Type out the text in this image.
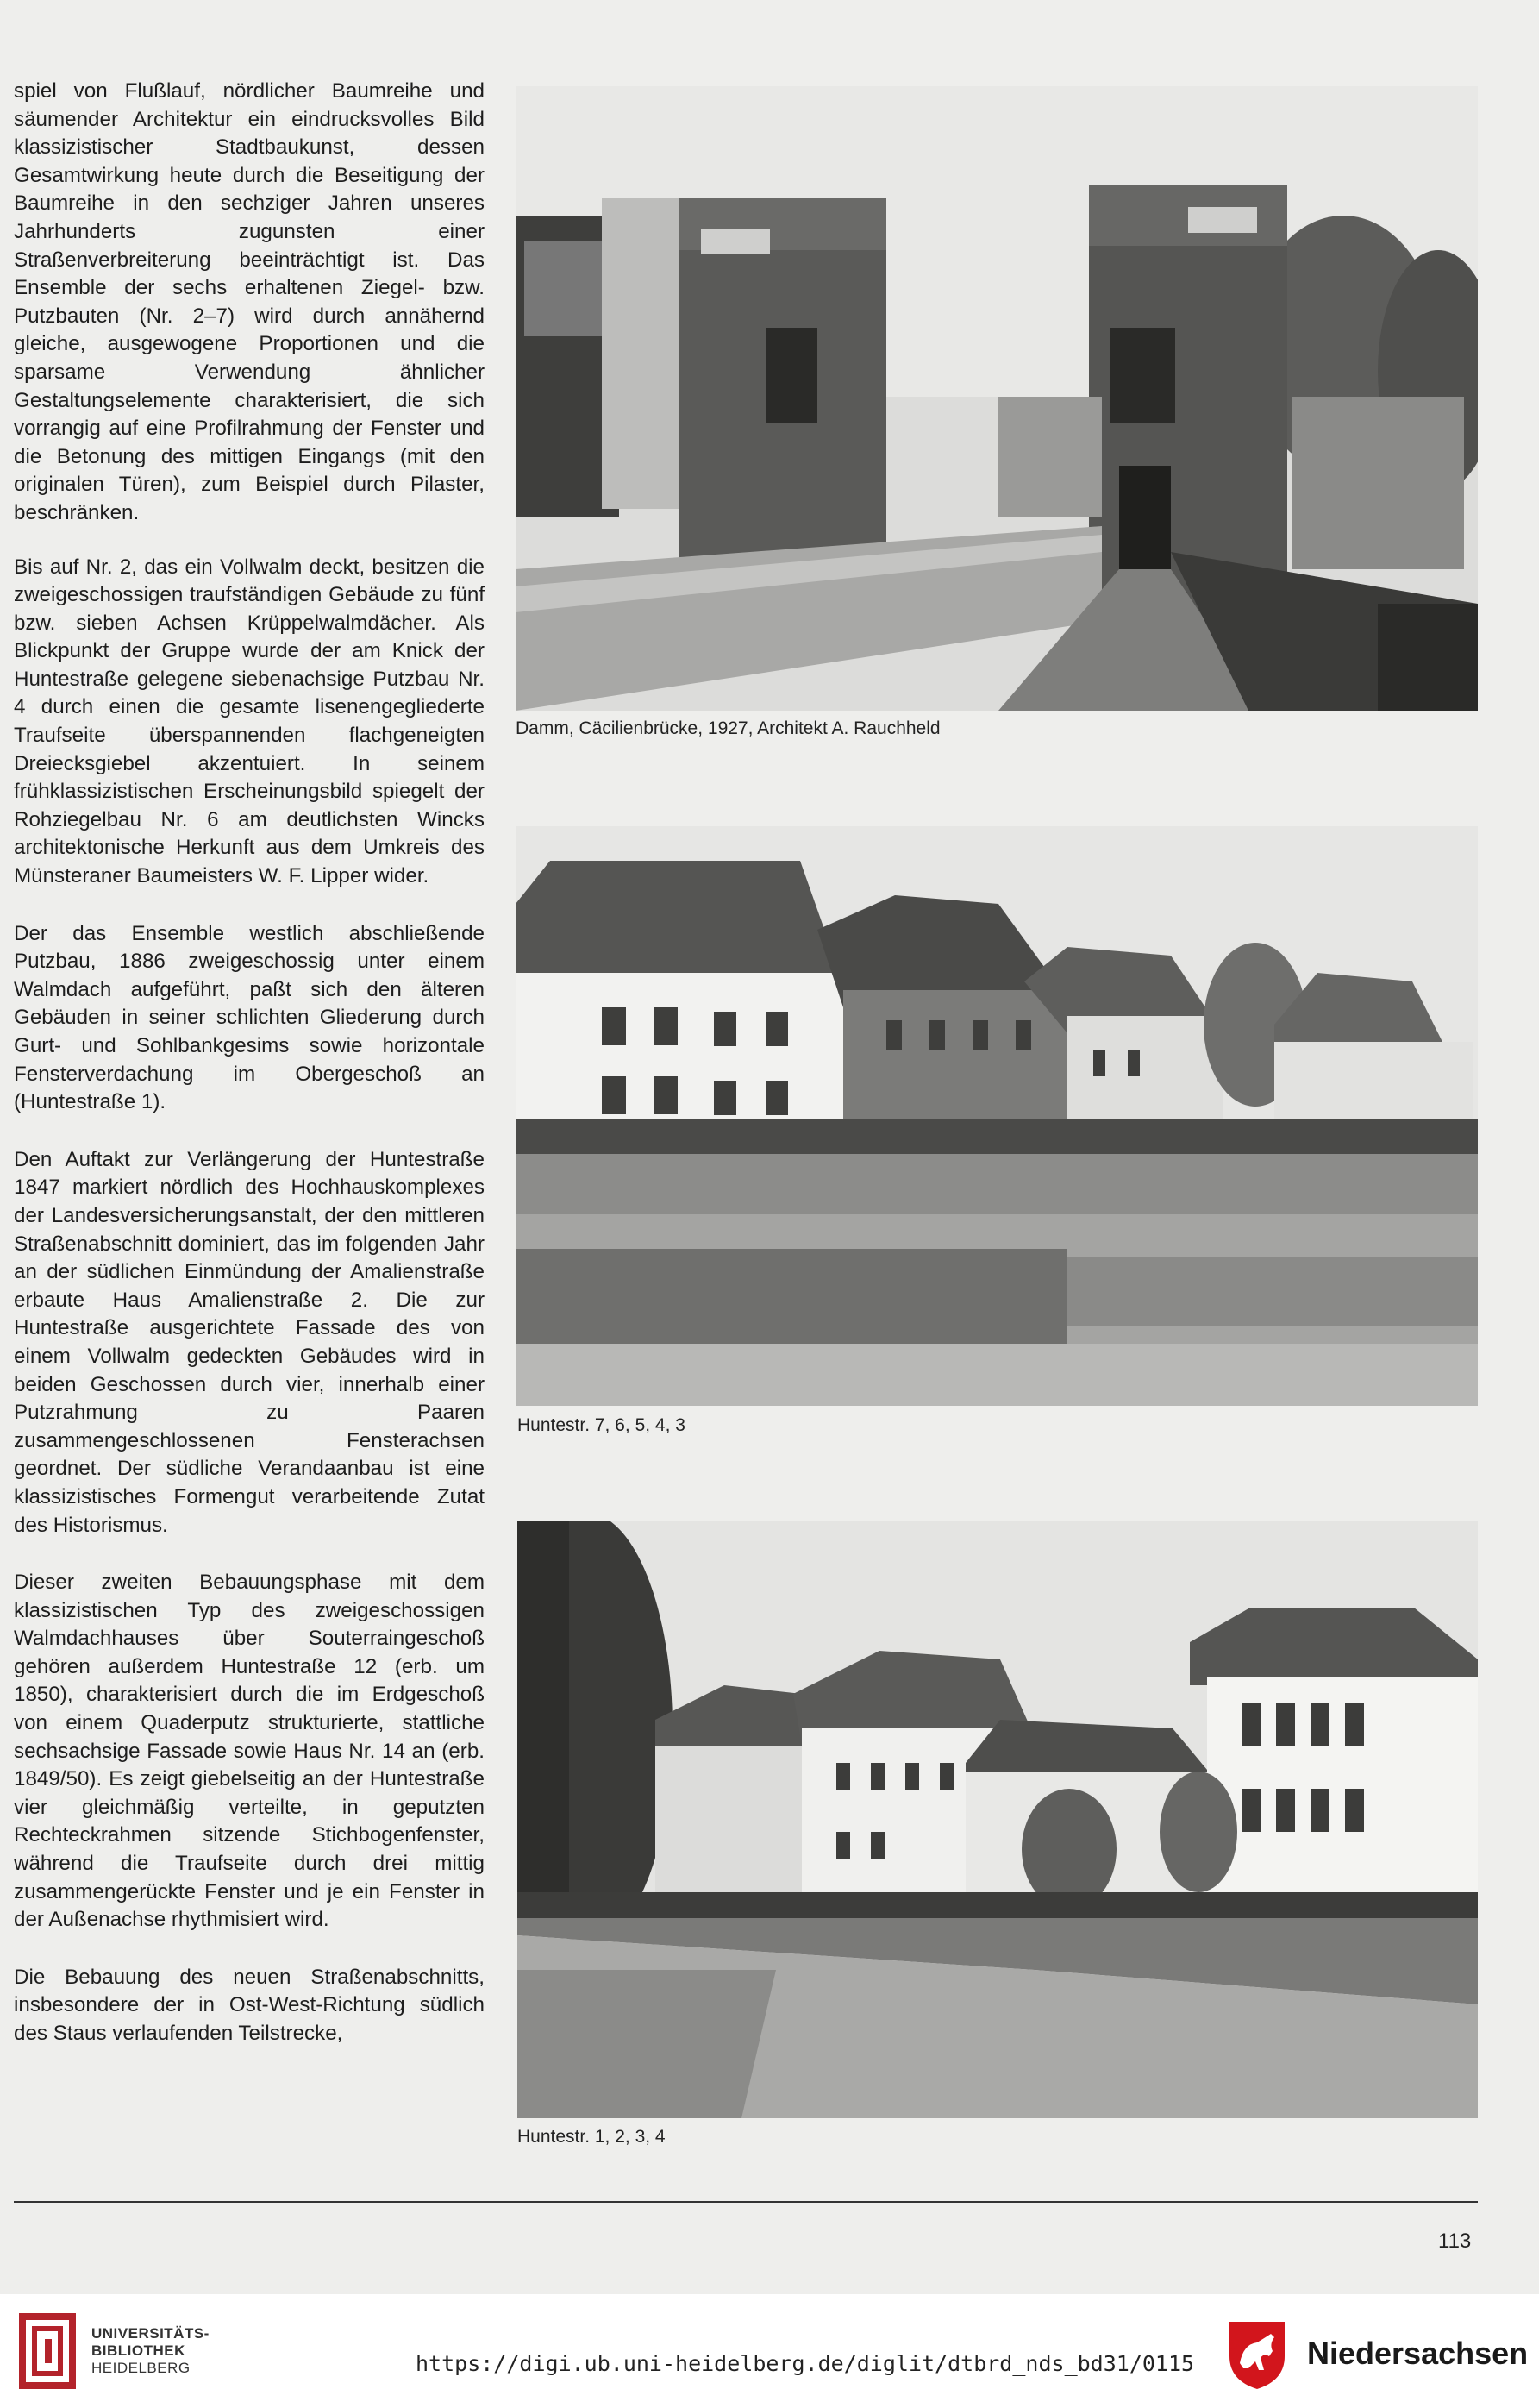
spiel von Flußlauf, nördlicher Baumreihe und säumender Architektur ein eindrucksvolles Bild klassizistischer Stadtbaukunst, dessen Gesamtwirkung heute durch die Beseitigung der Baumreihe in den sechziger Jahren unseres Jahrhunderts zugunsten einer Straßenverbreiterung beeinträchtigt ist. Das Ensemble der sechs erhaltenen Ziegel- bzw. Putzbauten (Nr. 2–7) wird durch annähernd gleiche, ausgewogene Proportionen und die sparsame Verwendung ähnlicher Gestaltungselemente charakterisiert, die sich vorrangig auf eine Profilrahmung der Fenster und die Betonung des mittigen Eingangs (mit den originalen Türen), zum Beispiel durch Pilaster, beschränken.

Bis auf Nr. 2, das ein Vollwalm deckt, besitzen die zweigeschossigen traufständigen Gebäude zu fünf bzw. sieben Achsen Krüppelwalmdächer. Als Blickpunkt der Gruppe wurde der am Knick der Huntestraße gelegene siebenachsige Putzbau Nr. 4 durch einen die gesamte lisenengegliederte Traufseite überspannenden flachgeneigten Dreiecksgiebel akzentuiert. In seinem frühklassizistischen Erscheinungsbild spiegelt der Rohziegelbau Nr. 6 am deutlichsten Wincks architektonische Herkunft aus dem Umkreis des Münsteraner Baumeisters W. F. Lipper wider.

Der das Ensemble westlich abschließende Putzbau, 1886 zweigeschossig unter einem Walmdach aufgeführt, paßt sich den älteren Gebäuden in seiner schlichten Gliederung durch Gurt- und Sohlbankgesims sowie horizontale Fensterverdachung im Obergeschoß an (Huntestraße 1).

Den Auftakt zur Verlängerung der Huntestraße 1847 markiert nördlich des Hochhauskomplexes der Landesversicherungsanstalt, der den mittleren Straßenabschnitt dominiert, das im folgenden Jahr an der südlichen Einmündung der Amalienstraße erbaute Haus Amalienstraße 2. Die zur Huntestraße ausgerichtete Fassade des von einem Vollwalm gedeckten Gebäudes wird in beiden Geschossen durch vier, innerhalb einer Putzrahmung zu Paaren zusammengeschlossenen Fensterachsen geordnet. Der südliche Verandaanbau ist eine klassizistisches Formengut verarbeitende Zutat des Historismus.

Dieser zweiten Bebauungsphase mit dem klassizistischen Typ des zweigeschossigen Walmdachhauses über Souterraingeschoß gehören außerdem Huntestraße 12 (erb. um 1850), charakterisiert durch die im Erdgeschoß von einem Quaderputz strukturierte, stattliche sechsachsige Fassade sowie Haus Nr. 14 an (erb. 1849/50). Es zeigt giebelseitig an der Huntestraße vier gleichmäßig verteilte, in geputzten Rechteckrahmen sitzende Stichbogenfenster, während die Traufseite durch drei mittig zusammengerückte Fenster und je ein Fenster in der Außenachse rhythmisiert wird.

Die Bebauung des neuen Straßenabschnitts, insbesondere der in Ost-West-Richtung südlich des Staus verlaufenden Teilstrecke,

Damm, Cäcilienbrücke, 1927, Architekt A. Rauchheld
Huntestr. 7, 6, 5, 4, 3
Huntestr. 1, 2, 3, 4
113
UNIVERSITÄTS-
BIBLIOTHEK
HEIDELBERG	https://digi.ub.uni-heidelberg.de/diglit/dtbrd_nds_bd31/0115	Niedersachsen
